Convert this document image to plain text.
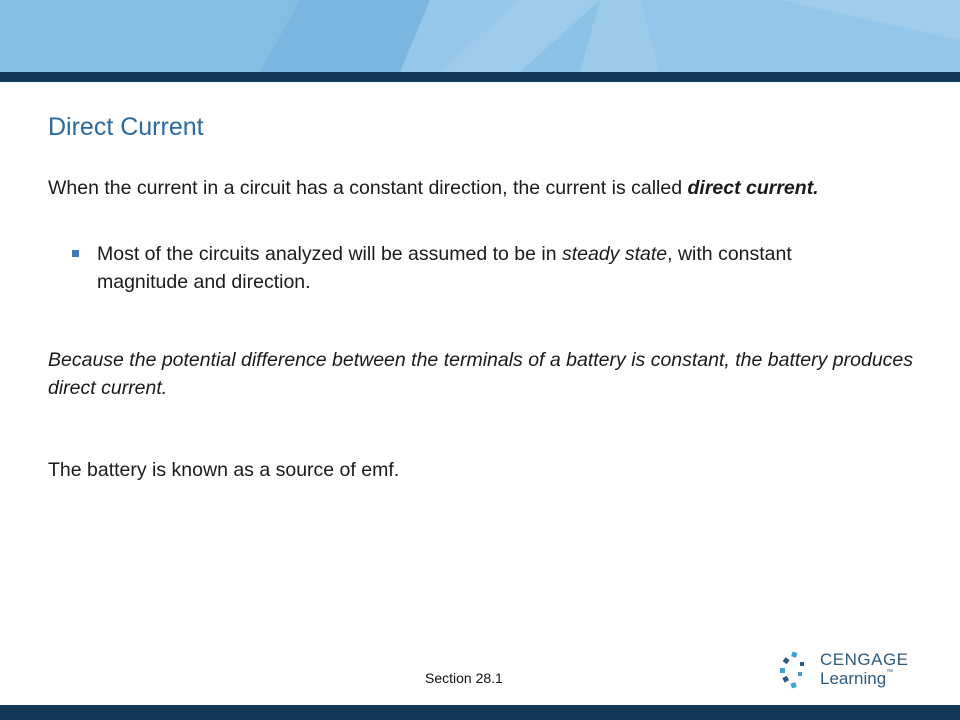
Direct Current

When the current in a circuit has a constant direction, the current is called direct current.

Most of the circuits analyzed will be assumed to be in steady state, with constant magnitude and direction.

Because the potential difference between the terminals of a battery is constant, the battery produces direct current.

The battery is known as a source of emf.

Section 28.1
CENGAGE
Learning™
